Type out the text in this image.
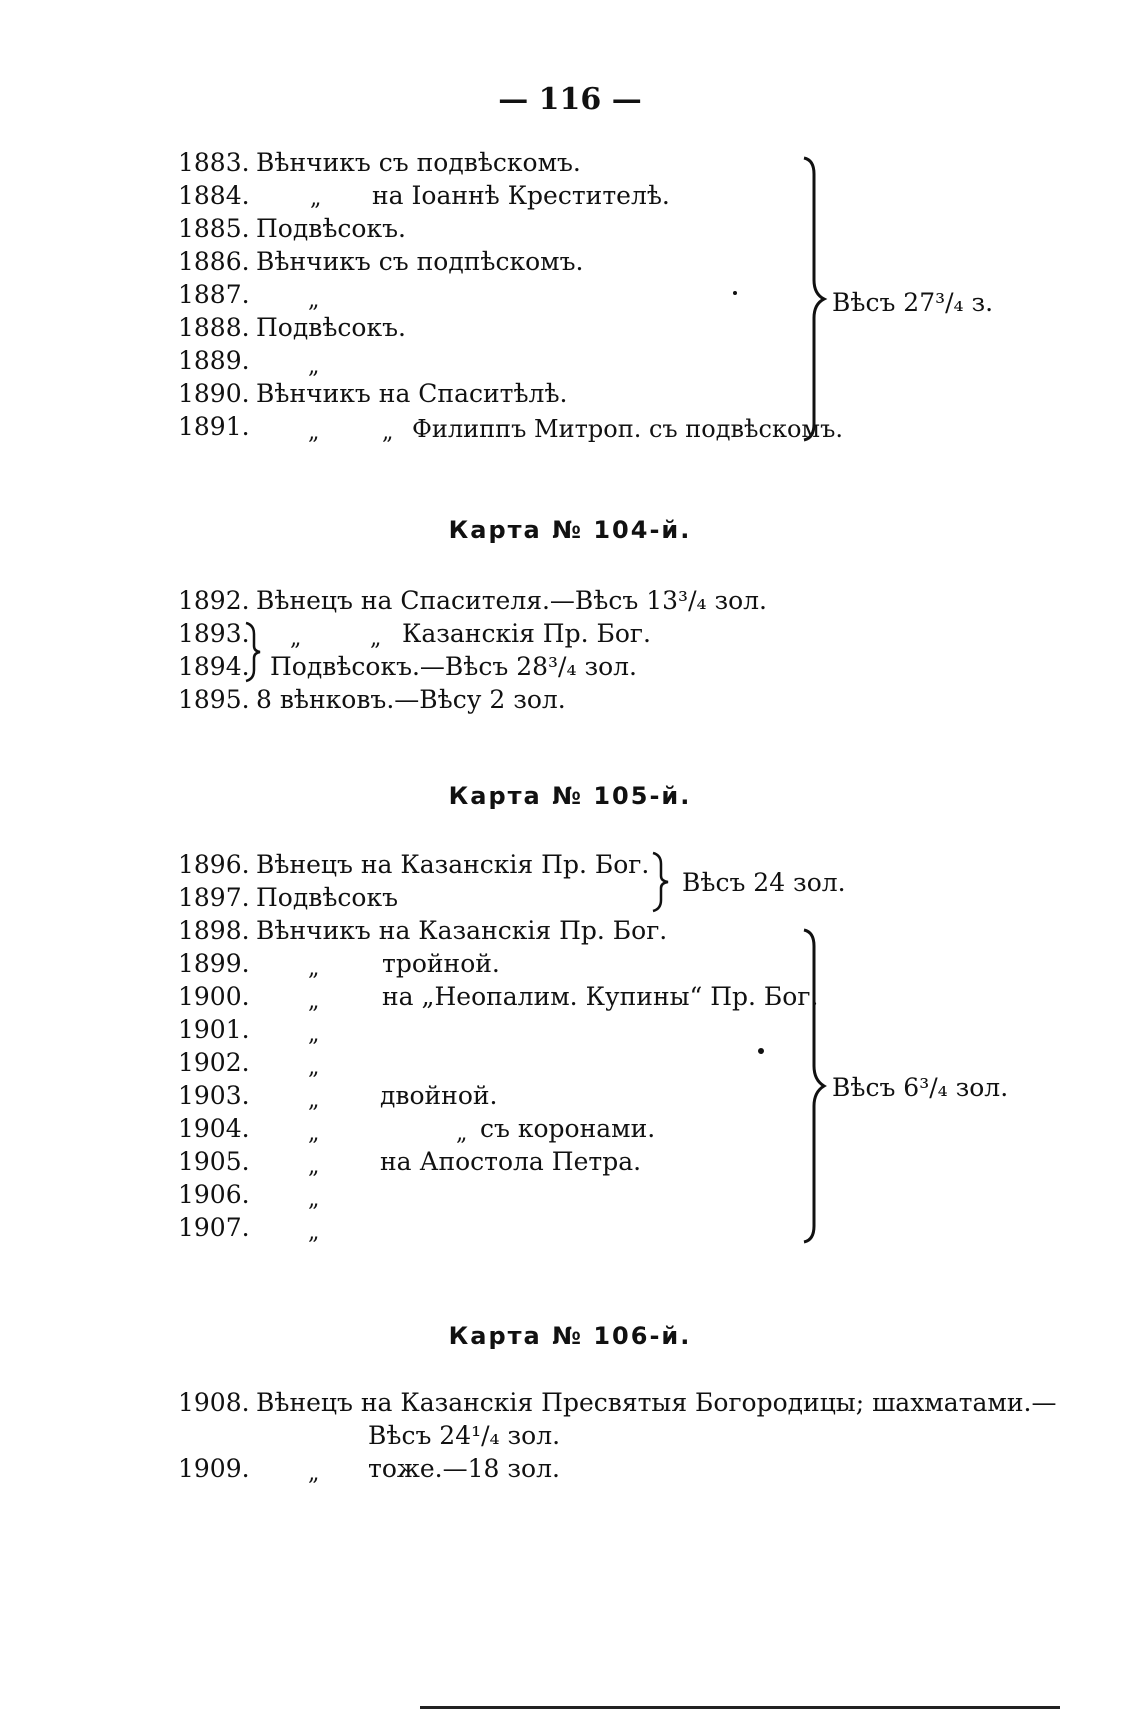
— 116 —
1883. Вѣнчикъ съ подвѣскомъ.
1884.	„ на Іоаннѣ Крестителѣ.
1885. Подвѣсокъ.
1886. Вѣнчикъ съ подпѣскомъ.
1887.	„
1888. Подвѣсокъ.
1889.	„
1890. Вѣнчикъ на Спаситѣлѣ.
1891.	„	„ Филиппъ Митроп. съ подвѣскомъ.
Вѣсъ 27³/₄ з.
Карта № 104-й.
1892. Вѣнецъ на Спасителя.—Вѣсъ 13³/₄ зол.
1893.	„	„ Казанскія Пр. Бог.
1894. Подвѣсокъ.—Вѣсъ 28³/₄ зол.
1895. 8 вѣнковъ.—Вѣсу 2 зол.
Карта № 105-й.
1896. Вѣнецъ на Казанскія Пр. Бог.
1897. Подвѣсокъ
Вѣсъ 24 зол.
1898. Вѣнчикъ на Казанскія Пр. Бог.
1899.	„	тройной.
1900.	„	на „Неопалим. Купины“ Пр. Бог.
1901.	„
1902.	„
1903.	„ двойной.
1904.	„	„ съ коронами.
1905.	„ на Апостола Петра.
1906.	„
1907.	„
Вѣсъ 6³/₄ зол.
Карта № 106-й.
1908. Вѣнецъ на Казанскія Пресвятыя Богородицы; шахматами.—
Вѣсъ 24¹/₄ зол.
1909.	„ тоже.—18 зол.
